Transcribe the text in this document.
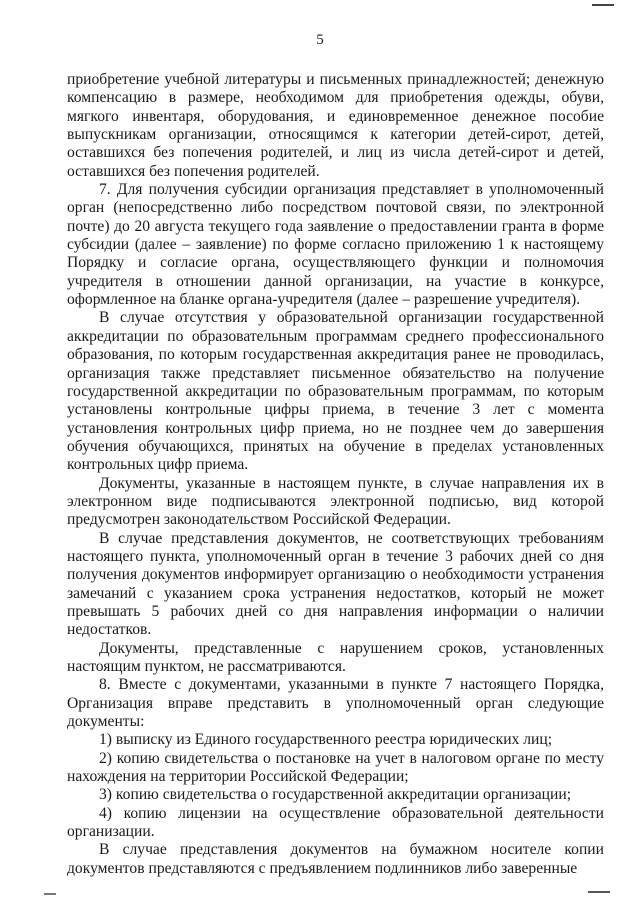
5

приобретение учебной литературы и письменных принадлежностей; денежную компенсацию в размере, необходимом для приобретения одежды, обуви, мягкого инвентаря, оборудования, и единовременное денежное пособие выпускникам организации, относящимся к категории детей-сирот, детей, оставшихся без попечения родителей, и лиц из числа детей-сирот и детей, оставшихся без попечения родителей.

7. Для получения субсидии организация представляет в уполномоченный орган (непосредственно либо посредством почтовой связи, по электронной почте) до 20 августа текущего года заявление о предоставлении гранта в форме субсидии (далее – заявление) по форме согласно приложению 1 к настоящему Порядку и согласие органа, осуществляющего функции и полномочия учредителя в отношении данной организации, на участие в конкурсе, оформленное на бланке органа-учредителя (далее – разрешение учредителя).

В случае отсутствия у образовательной организации государственной аккредитации по образовательным программам среднего профессионального образования, по которым государственная аккредитация ранее не проводилась, организация также представляет письменное обязательство на получение государственной аккредитации по образовательным программам, по которым установлены контрольные цифры приема, в течение 3 лет с момента установления контрольных цифр приема, но не позднее чем до завершения обучения обучающихся, принятых на обучение в пределах установленных контрольных цифр приема.

Документы, указанные в настоящем пункте, в случае направления их в электронном виде подписываются электронной подписью, вид которой предусмотрен законодательством Российской Федерации.

В случае представления документов, не соответствующих требованиям настоящего пункта, уполномоченный орган в течение 3 рабочих дней со дня получения документов информирует организацию о необходимости устранения замечаний с указанием срока устранения недостатков, который не может превышать 5 рабочих дней со дня направления информации о наличии недостатков.

Документы, представленные с нарушением сроков, установленных настоящим пунктом, не рассматриваются.

8. Вместе с документами, указанными в пункте 7 настоящего Порядка, Организация вправе представить в уполномоченный орган следующие документы:

1) выписку из Единого государственного реестра юридических лиц;

2) копию свидетельства о постановке на учет в налоговом органе по месту нахождения на территории Российской Федерации;

3) копию свидетельства о государственной аккредитации организации;

4) копию лицензии на осуществление образовательной деятельности организации.

В случае представления документов на бумажном носителе копии документов представляются с предъявлением подлинников либо заверенные
